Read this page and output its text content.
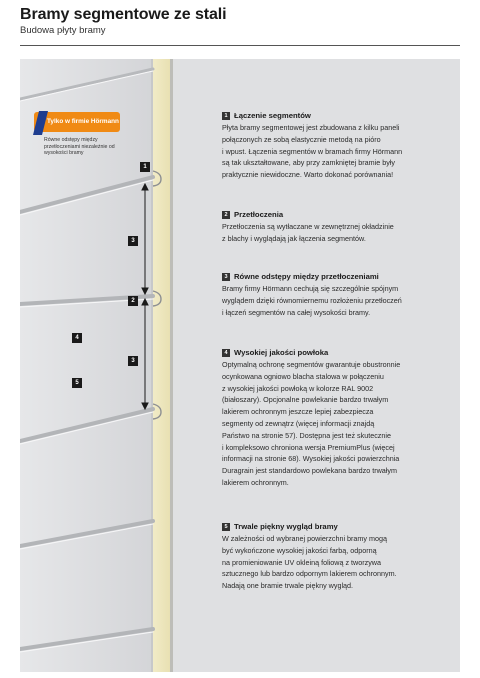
Bramy segmentowe ze stali
Budowa płyty bramy
Tylko w firmie Hörmann
Równe odstępy między przetłoczeniami niezależnie od wysokości bramy
1
3
2
4
3
5
1 Łączenie segmentów
Płyta bramy segmentowej jest zbudowana z kilku paneli
połączonych ze sobą elastycznie metodą na pióro
i wpust. Łączenia segmentów w bramach firmy Hörmann
są tak ukształtowane, aby przy zamkniętej bramie były
praktycznie niewidoczne. Warto dokonać porównania!
2 Przetłoczenia
Przetłoczenia są wytłaczane w zewnętrznej okładzinie
z blachy i wyglądają jak łączenia segmentów.
3 Równe odstępy między przetłoczeniami
Bramy firmy Hörmann cechują się szczególnie spójnym
wyglądem dzięki równomiernemu rozłożeniu przetłoczeń
i łączeń segmentów na całej wysokości bramy.
4 Wysokiej jakości powłoka
Optymalną ochronę segmentów gwarantuje obustronnie
ocynkowana ogniowo blacha stalowa w połączeniu
z wysokiej jakości powłoką w kolorze RAL 9002
(białoszary). Opcjonalne powlekanie bardzo trwałym
lakierem ochronnym jeszcze lepiej zabezpiecza
segmenty od zewnątrz (więcej informacji znajdą
Państwo na stronie 57). Dostępna jest też skutecznie
i kompleksowo chroniona wersja PremiumPlus (więcej
informacji na stronie 68). Wysokiej jakości powierzchnia
Duragrain jest standardowo powlekana bardzo trwałym
lakierem ochronnym.
5 Trwale piękny wygląd bramy
W zależności od wybranej powierzchni bramy mogą
być wykończone wysokiej jakości farbą, odporną
na promieniowanie UV okleiną foliową z tworzywa
sztucznego lub bardzo odpornym lakierem ochronnym.
Nadają one bramie trwale piękny wygląd.
